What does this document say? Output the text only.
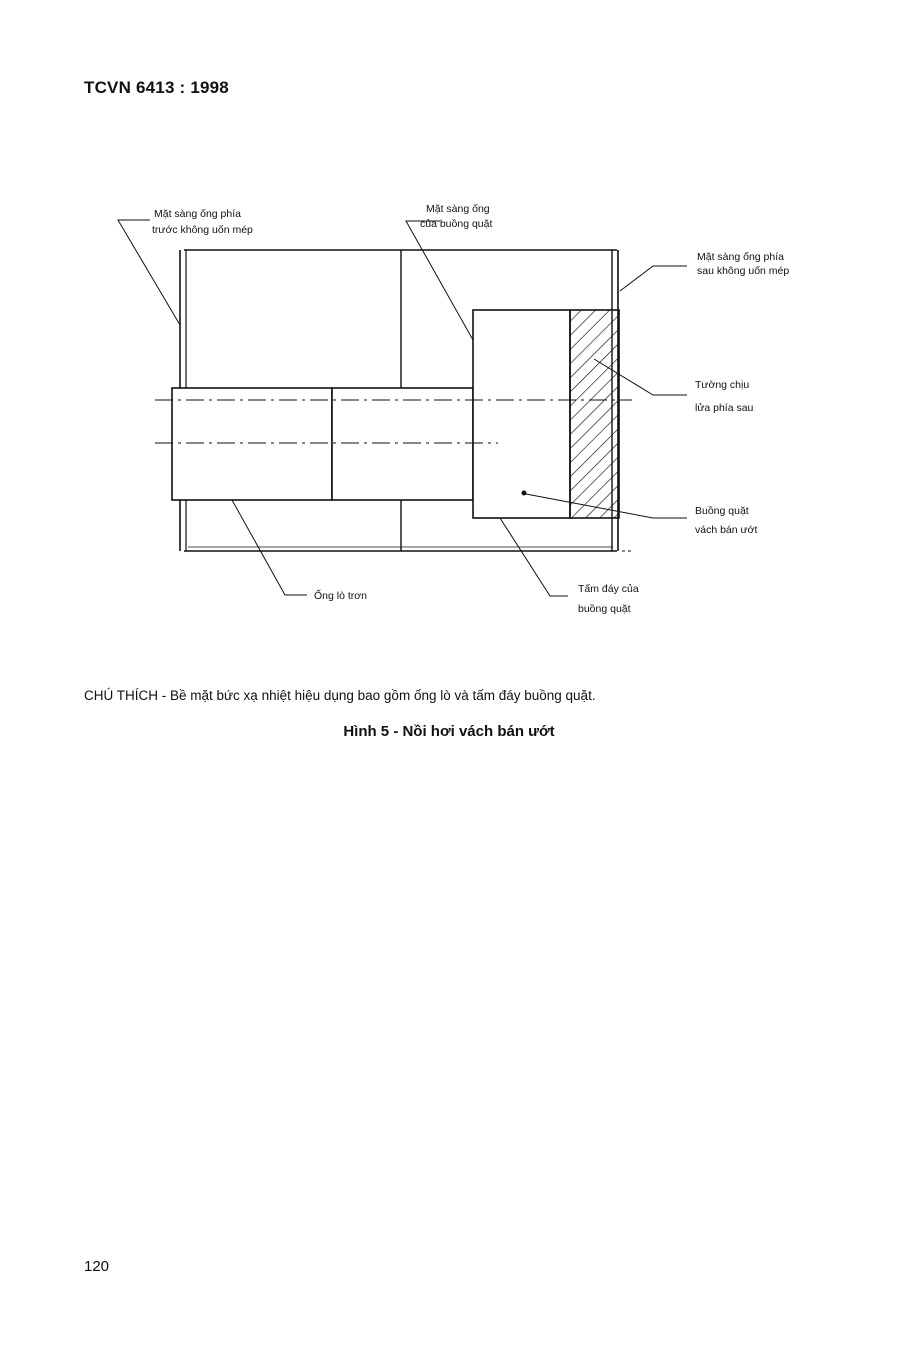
TCVN 6413 : 1998
Mặt sàng ống phía
trước không uốn mép
Mặt sàng ống
của buồng quặt
Mặt sàng ống phía
sau không uốn mép
Tường chịu
lửa phía sau
Buồng quặt
vách bán ướt
Ống lò trơn
Tấm đáy của
buồng quặt
CHÚ THÍCH - Bề mặt bức xạ nhiệt hiệu dụng bao gồm ống lò và tấm đáy buồng quặt.
Hình 5 - Nồi hơi vách bán ướt
120
